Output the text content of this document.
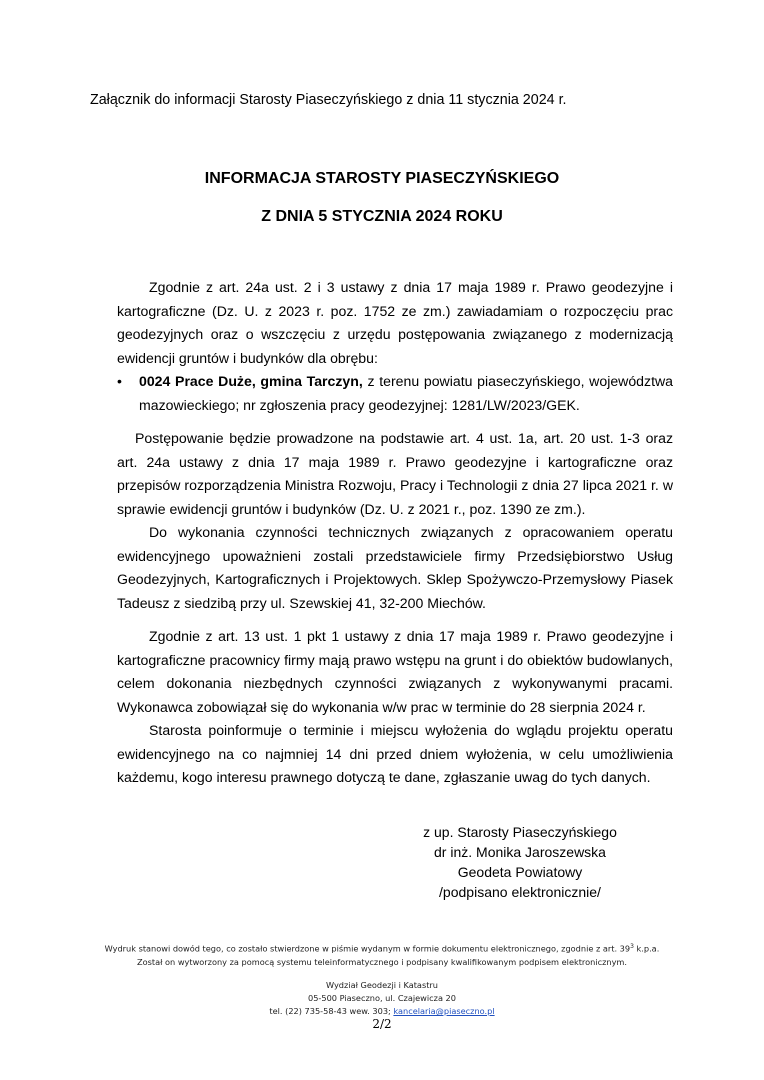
Załącznik do informacji Starosty Piaseczyńskiego z dnia 11 stycznia 2024 r.
INFORMACJA STAROSTY PIASECZYŃSKIEGO
Z DNIA 5 STYCZNIA 2024 ROKU

Zgodnie z art. 24a ust. 2 i 3 ustawy z dnia 17 maja 1989 r. Prawo geodezyjne i kartograficzne (Dz. U. z 2023 r. poz. 1752 ze zm.) zawiadamiam o rozpoczęciu prac geodezyjnych oraz o wszczęciu z urzędu postępowania związanego z modernizacją ewidencji gruntów i budynków dla obrębu:

• 0024 Prace Duże, gmina Tarczyn, z terenu powiatu piaseczyńskiego, województwa mazowieckiego; nr zgłoszenia pracy geodezyjnej: 1281/LW/2023/GEK.

Postępowanie będzie prowadzone na podstawie art. 4 ust. 1a, art. 20 ust. 1-3 oraz art. 24a ustawy z dnia 17 maja 1989 r. Prawo geodezyjne i kartograficzne oraz przepisów rozporządzenia Ministra Rozwoju, Pracy i Technologii z dnia 27 lipca 2021 r. w sprawie ewidencji gruntów i budynków (Dz. U. z 2021 r., poz. 1390 ze zm.).

Do wykonania czynności technicznych związanych z opracowaniem operatu ewidencyjnego upoważnieni zostali przedstawiciele firmy Przedsiębiorstwo Usług Geodezyjnych, Kartograficznych i Projektowych. Sklep Spożywczo-Przemysłowy Piasek Tadeusz z siedzibą przy ul. Szewskiej 41, 32-200 Miechów.

Zgodnie z art. 13 ust. 1 pkt 1 ustawy z dnia 17 maja 1989 r. Prawo geodezyjne i kartograficzne pracownicy firmy mają prawo wstępu na grunt i do obiektów budowlanych, celem dokonania niezbędnych czynności związanych z wykonywanymi pracami. Wykonawca zobowiązał się do wykonania w/w prac w terminie do 28 sierpnia 2024 r.

Starosta poinformuje o terminie i miejscu wyłożenia do wglądu projektu operatu ewidencyjnego na co najmniej 14 dni przed dniem wyłożenia, w celu umożliwienia każdemu, kogo interesu prawnego dotyczą te dane, zgłaszanie uwag do tych danych.

z up. Starosty Piaseczyńskiego
dr inż. Monika Jaroszewska
Geodeta Powiatowy
/podpisano elektronicznie/
Wydruk stanowi dowód tego, co zostało stwierdzone w piśmie wydanym w formie dokumentu elektronicznego, zgodnie z art. $39^3$ k.p.a.
Został on wytworzony za pomocą systemu teleinformatycznego i podpisany kwalifikowanym podpisem elektronicznym.
Wydział Geodezji i Katastru
05-500 Piaseczno, ul. Czajewicza 20
tel. (22) 735-58-43 wew. 303; kancelaria@piaseczno.pl
2/2
